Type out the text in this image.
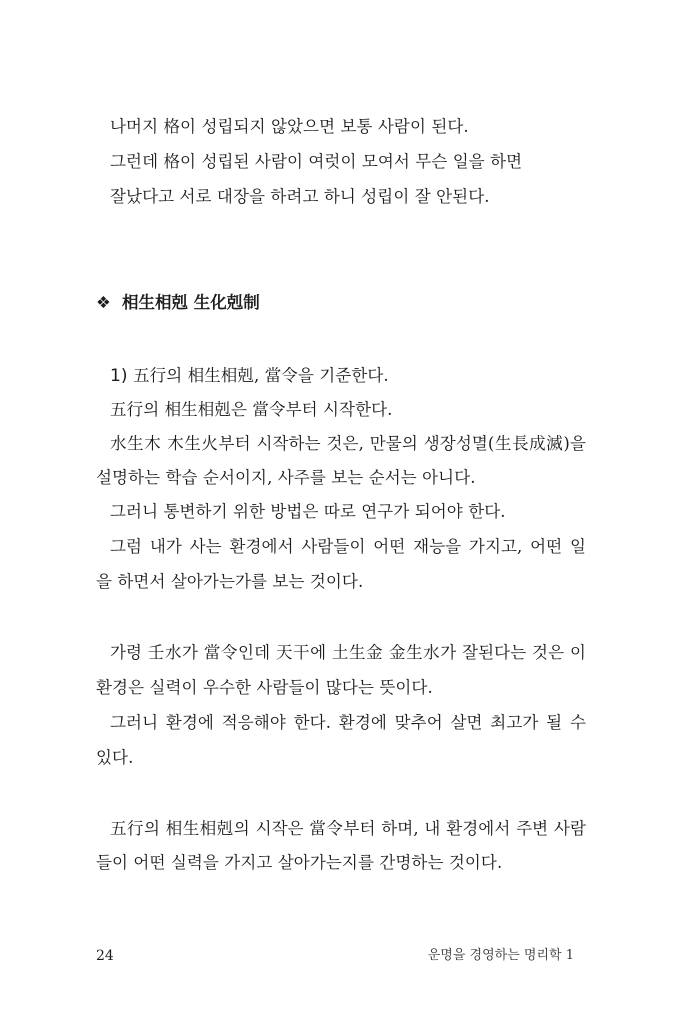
나머지 格이 성립되지 않았으면 보통 사람이 된다.
그런데 格이 성립된 사람이 여럿이 모여서 무슨 일을 하면
잘났다고 서로 대장을 하려고 하니 성립이 잘 안된다.
❖ 相生相剋 生化剋制
1) 五行의 相生相剋, 當令을 기준한다.
五行의 相生相剋은 當令부터 시작한다.
水生木 木生火부터 시작하는 것은, 만물의 생장성멸(生長成滅)을
설명하는 학습 순서이지, 사주를 보는 순서는 아니다.
그러니 통변하기 위한 방법은 따로 연구가 되어야 한다.
그럼 내가 사는 환경에서 사람들이 어떤 재능을 가지고, 어떤 일
을 하면서 살아가는가를 보는 것이다.
가령 壬水가 當令인데 天干에 土生金 金生水가 잘된다는 것은 이
환경은 실력이 우수한 사람들이 많다는 뜻이다.
그러니 환경에 적응해야 한다. 환경에 맞추어 살면 최고가 될 수
있다.
五行의 相生相剋의 시작은 當令부터 하며, 내 환경에서 주변 사람
들이 어떤 실력을 가지고 살아가는지를 간명하는 것이다.
24	운명을 경영하는 명리학 1
